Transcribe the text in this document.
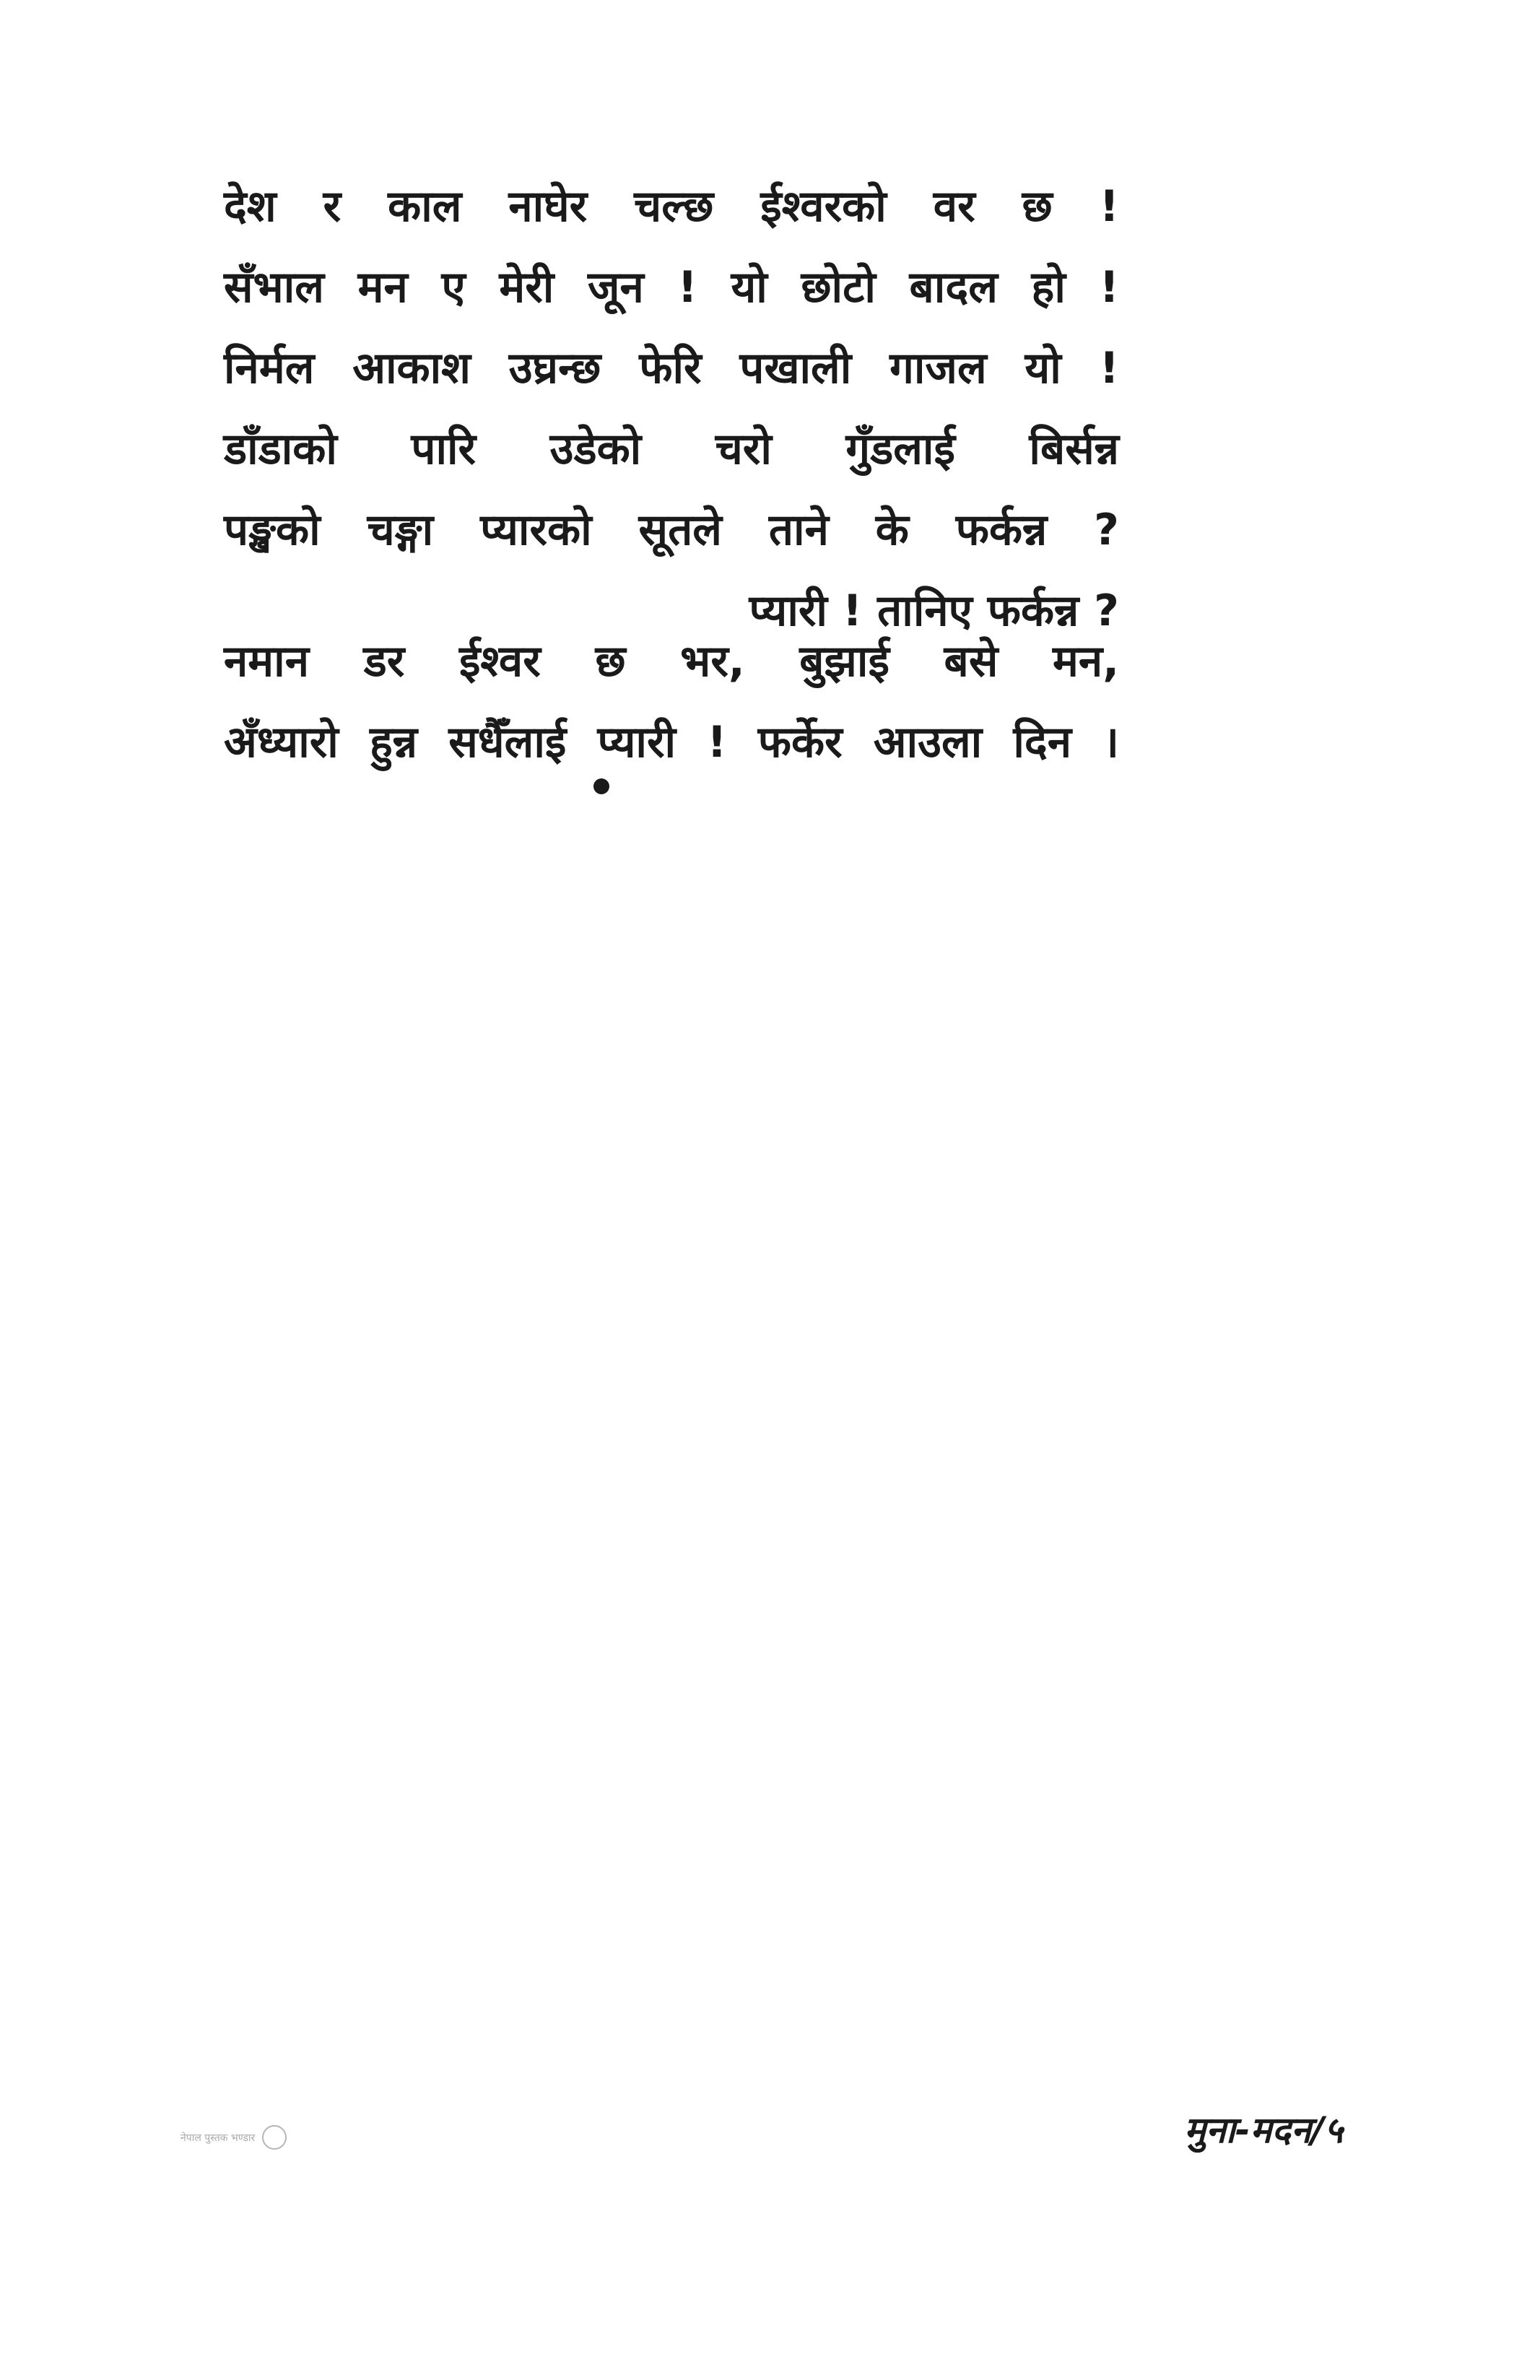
देश र काल नाघेर चल्छ ईश्वरको वर छ !
सँभाल मन ए मेरी जून ! यो छोटो बादल हो !
निर्मल आकाश उघ्रन्छ फेरि पखाली गाजल यो !
डाँडाको पारि उडेको चरो गुँडलाई बिर्सन्न
पङ्खको चङ्गा प्यारको सूतले ताने के फर्कन्न ?
प्यारी ! तानिए फर्कन्न ?
नमान डर ईश्वर छ भर, बुझाई बसे मन,
अँध्यारो हुन्न सधैँलाई प्यारी ! फर्केर आउला दिन ।
नेपाल पुस्तक भण्डार	मुना-मदन/५
